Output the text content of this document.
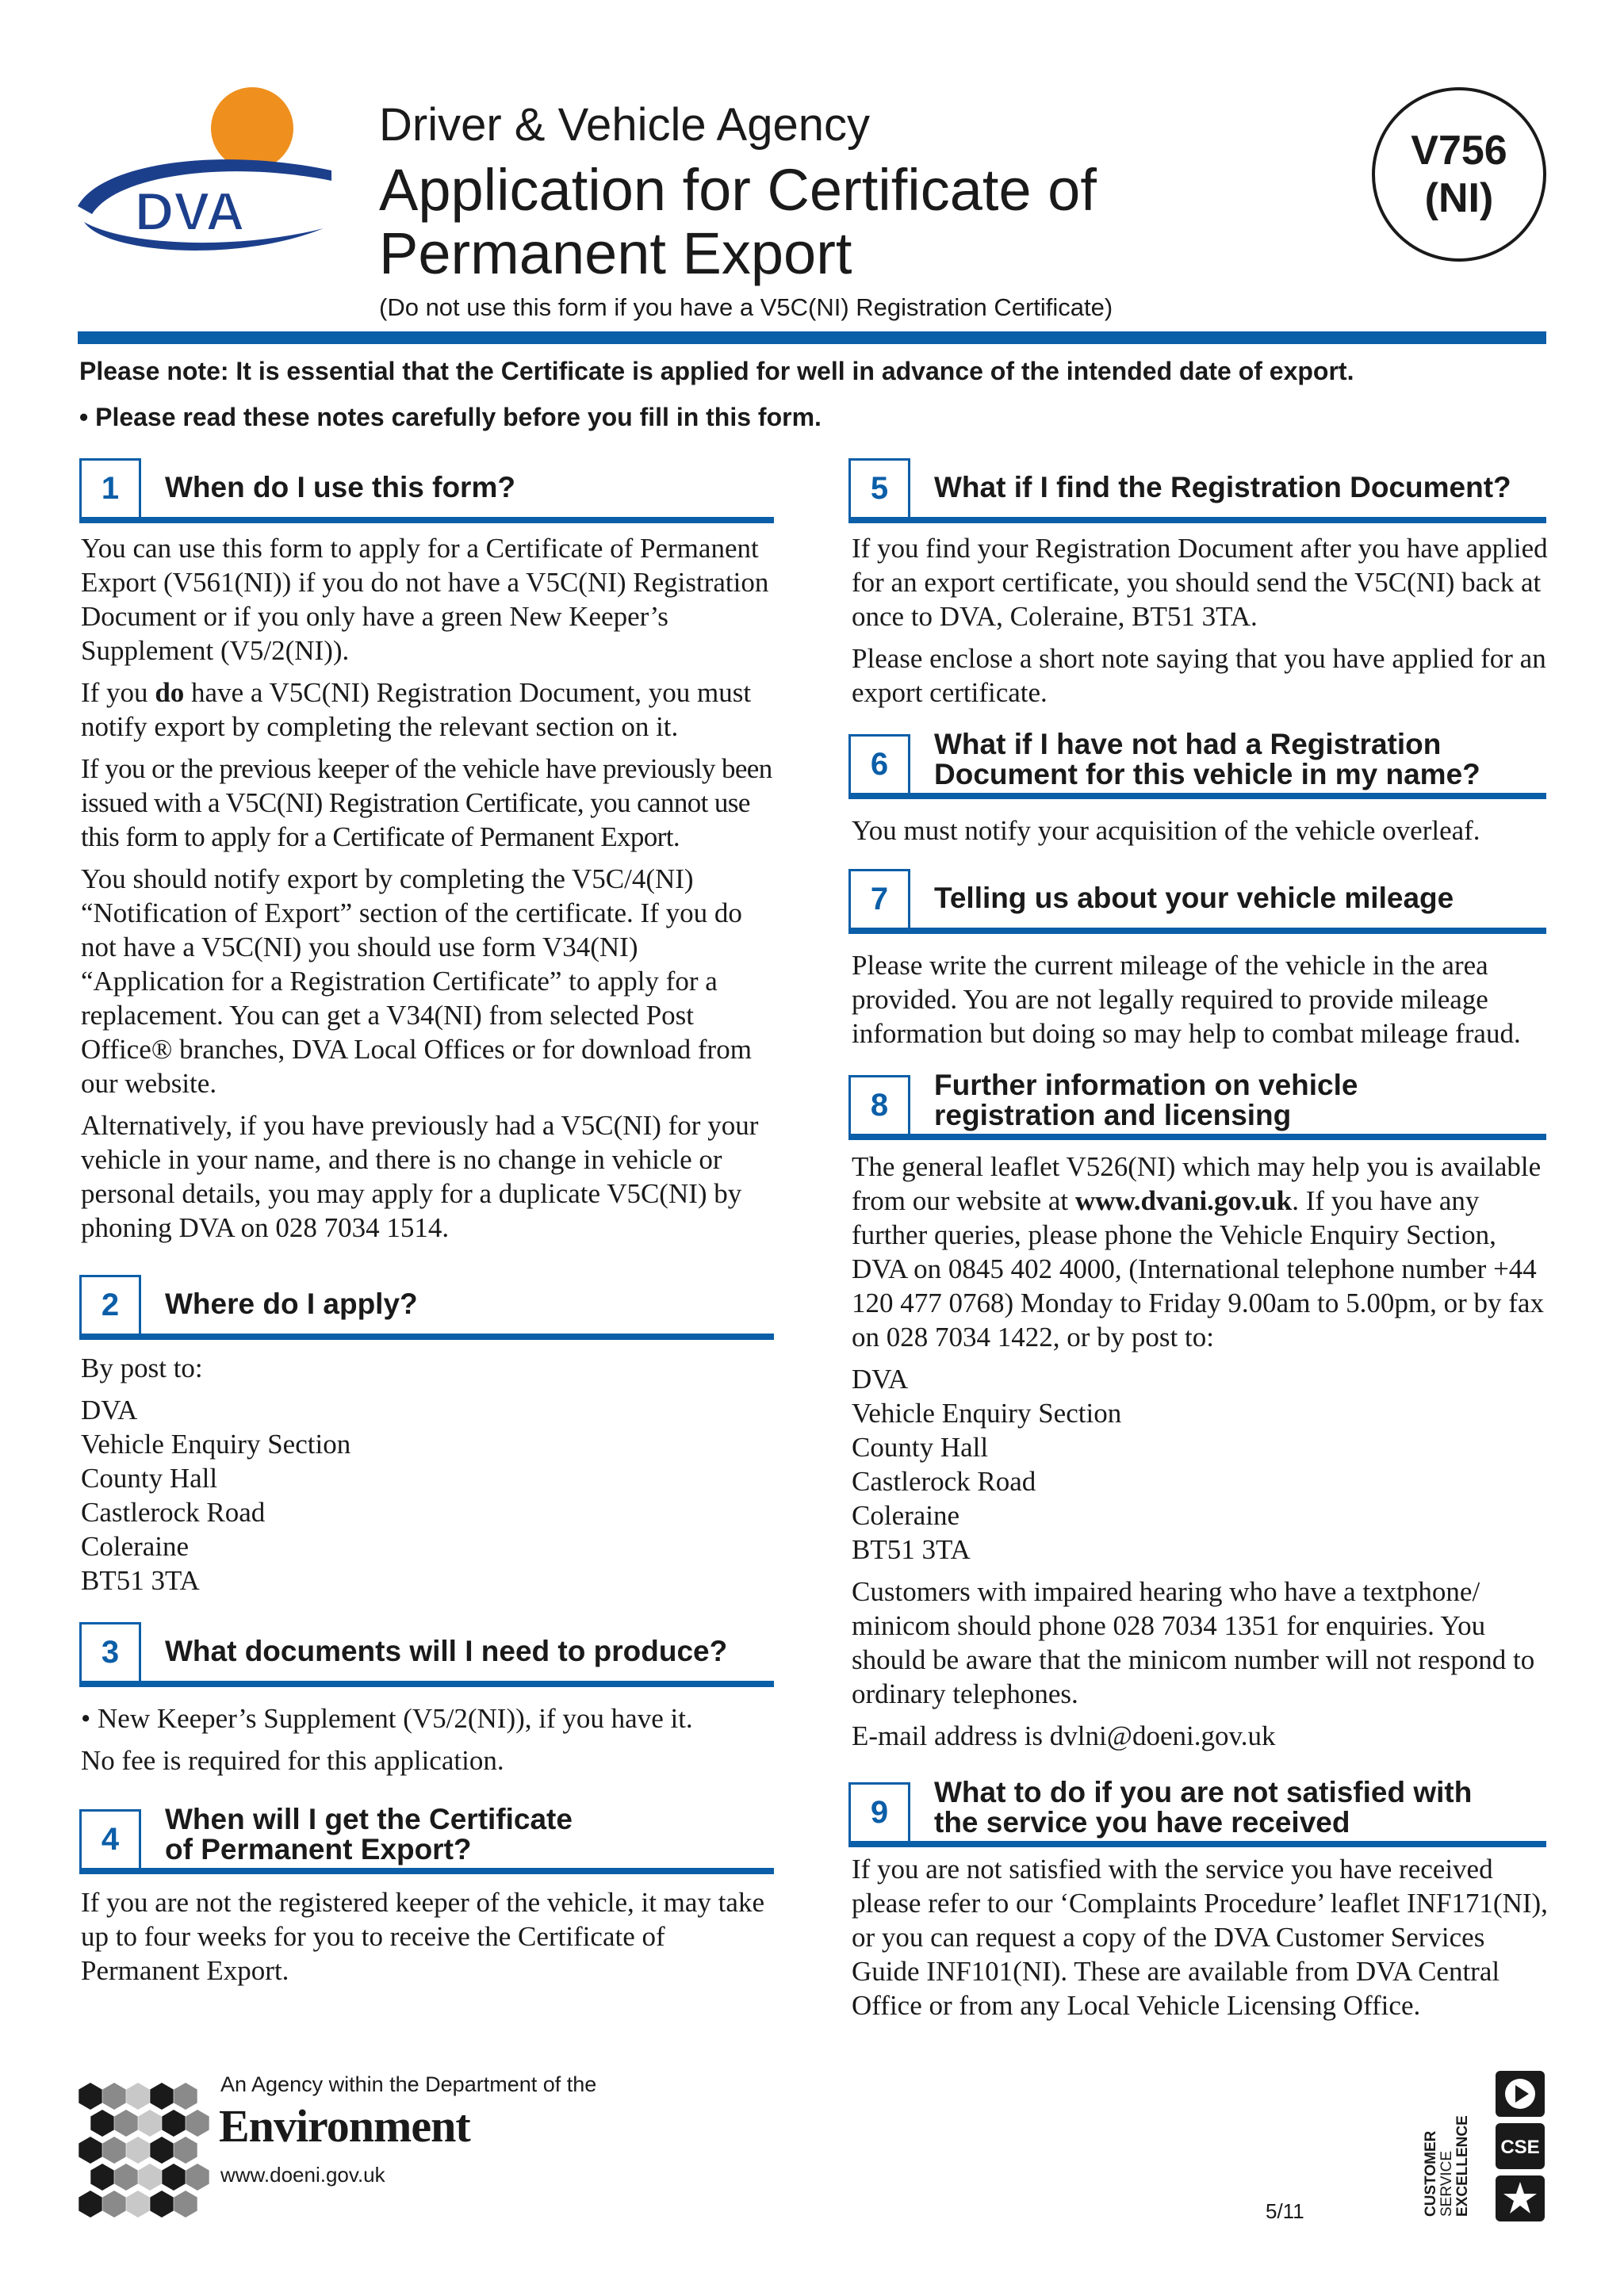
DVA
Driver & Vehicle Agency
Application for Certificate of Permanent Export

(Do not use this form if you have a V5C(NI) Registration Certificate)

V756
(NI)

Please note: It is essential that the Certificate is applied for well in advance of the intended date of export.

• Please read these notes carefully before you fill in this form.

1	When do I use this form?

You can use this form to apply for a Certificate of Permanent Export (V561(NI)) if you do not have a V5C(NI) Registration Document or if you only have a green New Keeper’s Supplement (V5/2(NI)).

If you do have a V5C(NI) Registration Document, you must notify export by completing the relevant section on it.

If you or the previous keeper of the vehicle have previously been issued with a V5C(NI) Registration Certificate, you cannot use this form to apply for a Certificate of Permanent Export.

You should notify export by completing the V5C/4(NI) “Notification of Export” section of the certificate. If you do not have a V5C(NI) you should use form V34(NI) “Application for a Registration Certificate” to apply for a replacement. You can get a V34(NI) from selected Post Office® branches, DVA Local Offices or for download from our website.

Alternatively, if you have previously had a V5C(NI) for your vehicle in your name, and there is no change in vehicle or personal details, you may apply for a duplicate V5C(NI) by phoning DVA on 028 7034 1514.

2	Where do I apply?

By post to:

DVA

Vehicle Enquiry Section

County Hall

Castlerock Road

Coleraine

BT51 3TA

3	What documents will I need to produce?

• New Keeper’s Supplement (V5/2(NI)), if you have it.

No fee is required for this application.

4
When will I get the Certificate
of Permanent Export?

If you are not the registered keeper of the vehicle, it may take up to four weeks for you to receive the Certificate of Permanent Export.

5	What if I find the Registration Document?

If you find your Registration Document after you have applied for an export certificate, you should send the V5C(NI) back at once to DVA, Coleraine, BT51 3TA.

Please enclose a short note saying that you have applied for an export certificate.

6
What if I have not had a Registration
Document for this vehicle in my name?

You must notify your acquisition of the vehicle overleaf.

7	Telling us about your vehicle mileage

Please write the current mileage of the vehicle in the area provided. You are not legally required to provide mileage information but doing so may help to combat mileage fraud.

8
Further information on vehicle
registration and licensing

The general leaflet V526(NI) which may help you is available from our website at www.dvani.gov.uk. If you have any further queries, please phone the Vehicle Enquiry Section, DVA on 0845 402 4000, (International telephone number +44 120 477 0768) Monday to Friday 9.00am to 5.00pm, or by fax on 028 7034 1422, or by post to:

DVA

Vehicle Enquiry Section

County Hall

Castlerock Road

Coleraine

BT51 3TA

Customers with impaired hearing who have a textphone/ minicom should phone 028 7034 1351 for enquiries. You should be aware that the minicom number will not respond to ordinary telephones.

E-mail address is dvlni@doeni.gov.uk

9
What to do if you are not satisfied with
the service you have received

If you are not satisfied with the service you have received please refer to our ‘Complaints Procedure’ leaflet INF171(NI), or you can request a copy of the DVA Customer Services Guide INF101(NI). These are available from DVA Central Office or from any Local Vehicle Licensing Office.

An Agency within the Department of the

Environment

www.doeni.gov.uk

5/11	CUSTOMER SERVICE EXCELLENCE CSE
